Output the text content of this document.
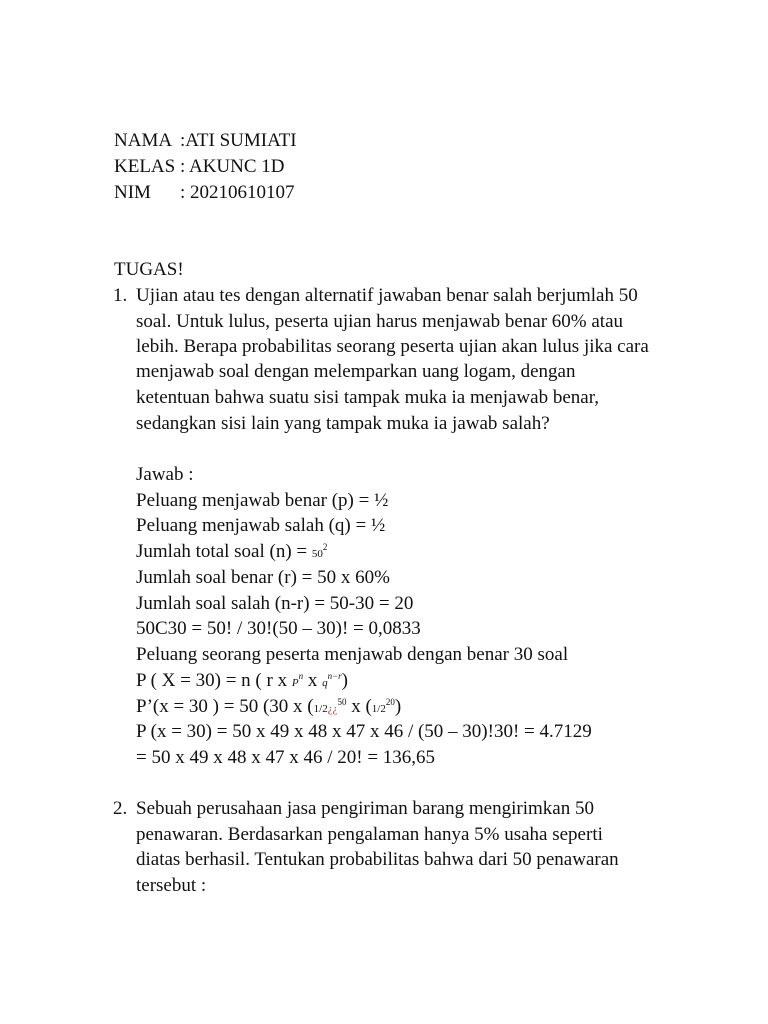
NAMA :ATI SUMIATI
KELAS : AKUNC 1D
NIM : 20210610107
TUGAS!
1. Ujian atau tes dengan alternatif jawaban benar salah berjumlah 50
soal. Untuk lulus, peserta ujian harus menjawab benar 60% atau
lebih. Berapa probabilitas seorang peserta ujian akan lulus jika cara
menjawab soal dengan melemparkan uang logam, dengan
ketentuan bahwa suatu sisi tampak muka ia menjawab benar,
sedangkan sisi lain yang tampak muka ia jawab salah?
Jawab :
Peluang menjawab benar (p) = ½
Peluang menjawab salah (q) = ½
Jumlah total soal $(n) = 50^2$
Jumlah soal benar (r) = 50 x 60%
Jumlah soal salah (n-r) = 50-30 = 20
50C30 = 50! / 30!(50 – 30)! = 0,0833
Peluang seorang peserta menjawab dengan benar 30 soal
P ( X = 30) = n ( r x $P^n$ x $q^{n-r}$)
P’(x = 30 ) = 50 (30 x (1/2¿¿$^{50}$ x $(1/2^{20})$
P (x = 30) = 50 x 49 x 48 x 47 x 46 / (50 – 30)!30! = 4.7129
= 50 x 49 x 48 x 47 x 46 / 20! = 136,65
2. Sebuah perusahaan jasa pengiriman barang mengirimkan 50
penawaran. Berdasarkan pengalaman hanya 5% usaha seperti
diatas berhasil. Tentukan probabilitas bahwa dari 50 penawaran
tersebut :
